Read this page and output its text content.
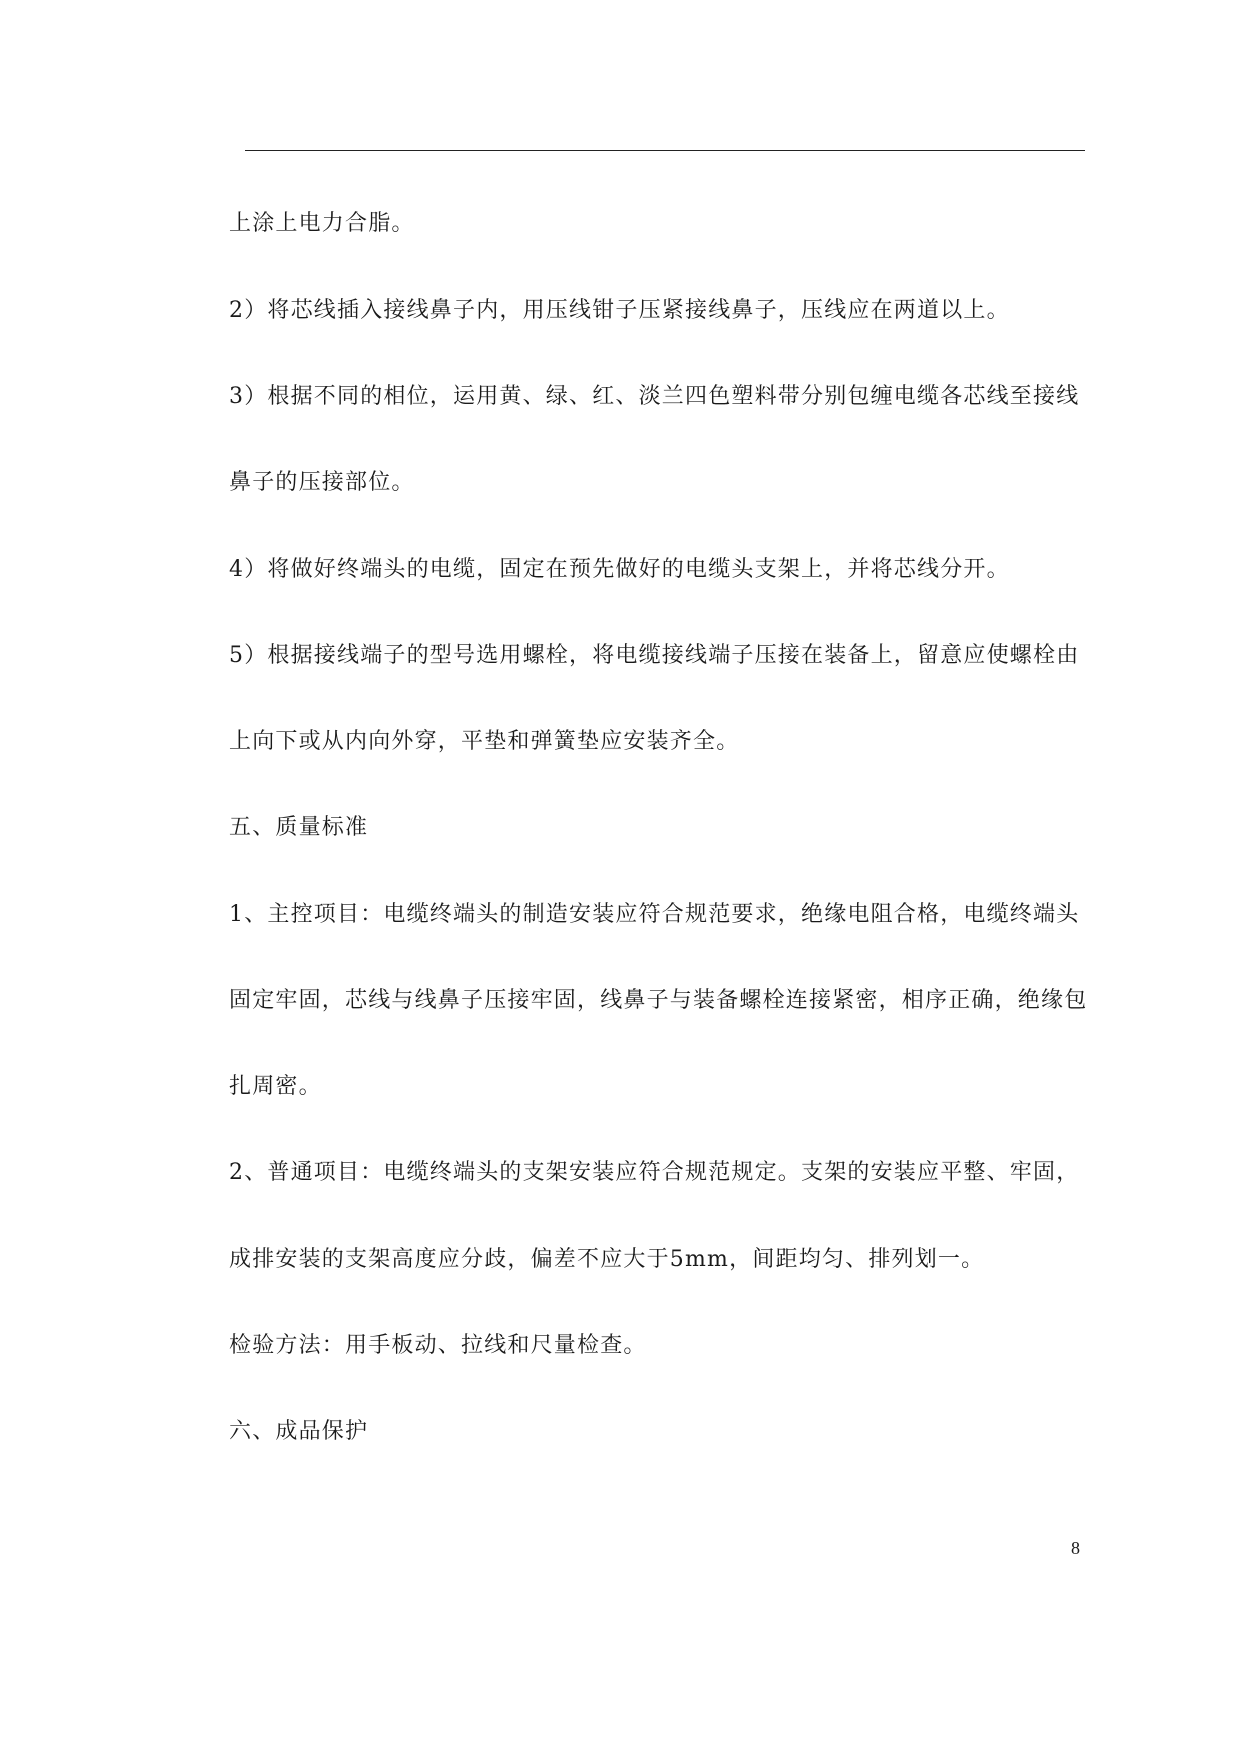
上涂上电力合脂。
2）将芯线插入接线鼻子内，用压线钳子压紧接线鼻子，压线应在两道以上。
3）根据不同的相位，运用黄、绿、红、淡兰四色塑料带分别包缠电缆各芯线至接线
鼻子的压接部位。
4）将做好终端头的电缆，固定在预先做好的电缆头支架上，并将芯线分开。
5）根据接线端子的型号选用螺栓，将电缆接线端子压接在装备上，留意应使螺栓由
上向下或从内向外穿，平垫和弹簧垫应安装齐全。
五、质量标准
1、主控项目：电缆终端头的制造安装应符合规范要求，绝缘电阻合格，电缆终端头
固定牢固，芯线与线鼻子压接牢固，线鼻子与装备螺栓连接紧密，相序正确，绝缘包
扎周密。
2、普通项目：电缆终端头的支架安装应符合规范规定。支架的安装应平整、牢固，
成排安装的支架高度应分歧，偏差不应大于5mm，间距均匀、排列划一。
检验方法：用手板动、拉线和尺量检查。
六、成品保护
8
